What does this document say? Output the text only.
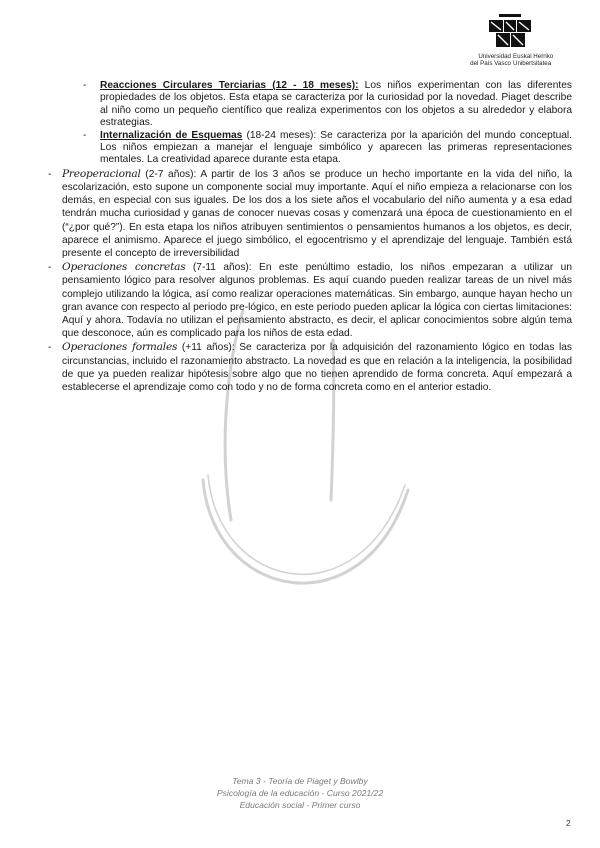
Universidad
del País Vasco
Euskal Herriko
Unibertsitatea
- Reacciones Circulares Terciarias (12 - 18 meses): Los niños experimentan con las diferentes propiedades de los objetos. Esta etapa se caracteriza por la curiosidad por la novedad. Piaget describe al niño como un pequeño científico que realiza experimentos con los objetos a su alrededor y elabora estrategias.

- Internalización de Esquemas (18-24 meses): Se caracteriza por la aparición del mundo conceptual. Los niños empiezan a manejar el lenguaje simbólico y aparecen las primeras representaciones mentales. La creatividad aparece durante esta etapa.

- Preoperacional (2-7 años): A partir de los 3 años se produce un hecho importante en la vida del niño, la escolarización, esto supone un componente social muy importante. Aquí el niño empieza a relacionarse con los demás, en especial con sus iguales. De los dos a los siete años el vocabulario del niño aumenta y a esa edad tendrán mucha curiosidad y ganas de conocer nuevas cosas y comenzará una época de cuestionamiento en el (“¿por qué?”). En esta etapa los niños atribuyen sentimientos o pensamientos humanos a los objetos, es decir, aparece el animismo. Aparece el juego simbólico, el egocentrismo y el aprendizaje del lenguaje. También está presente el concepto de irreversibilidad

- Operaciones concretas (7-11 años): En este penúltimo estadio, los niños empezaran a utilizar un pensamiento lógico para resolver algunos problemas. Es aquí cuando pueden realizar tareas de un nivel más complejo utilizando la lógica, así como realizar operaciones matemáticas. Sin embargo, aunque hayan hecho un gran avance con respecto al periodo pre-lógico, en este periodo pueden aplicar la lógica con ciertas limitaciones: Aquí y ahora. Todavía no utilizan el pensamiento abstracto, es decir, el aplicar conocimientos sobre algún tema que desconoce, aún es complicado para los niños de esta edad.

- Operaciones formales (+11 años): Se caracteriza por la adquisición del razonamiento lógico en todas las circunstancias, incluido el razonamiento abstracto. La novedad es que en relación a la inteligencia, la posibilidad de que ya pueden realizar hipótesis sobre algo que no tienen aprendido de forma concreta. Aquí empezará a establecerse el aprendizaje como con todo y no de forma concreta como en el anterior estadio.

Tema 3 - Teoría de Piaget y Bowlby
Psicología de la educación - Curso 2021/22
Educación social - Primer curso
2
